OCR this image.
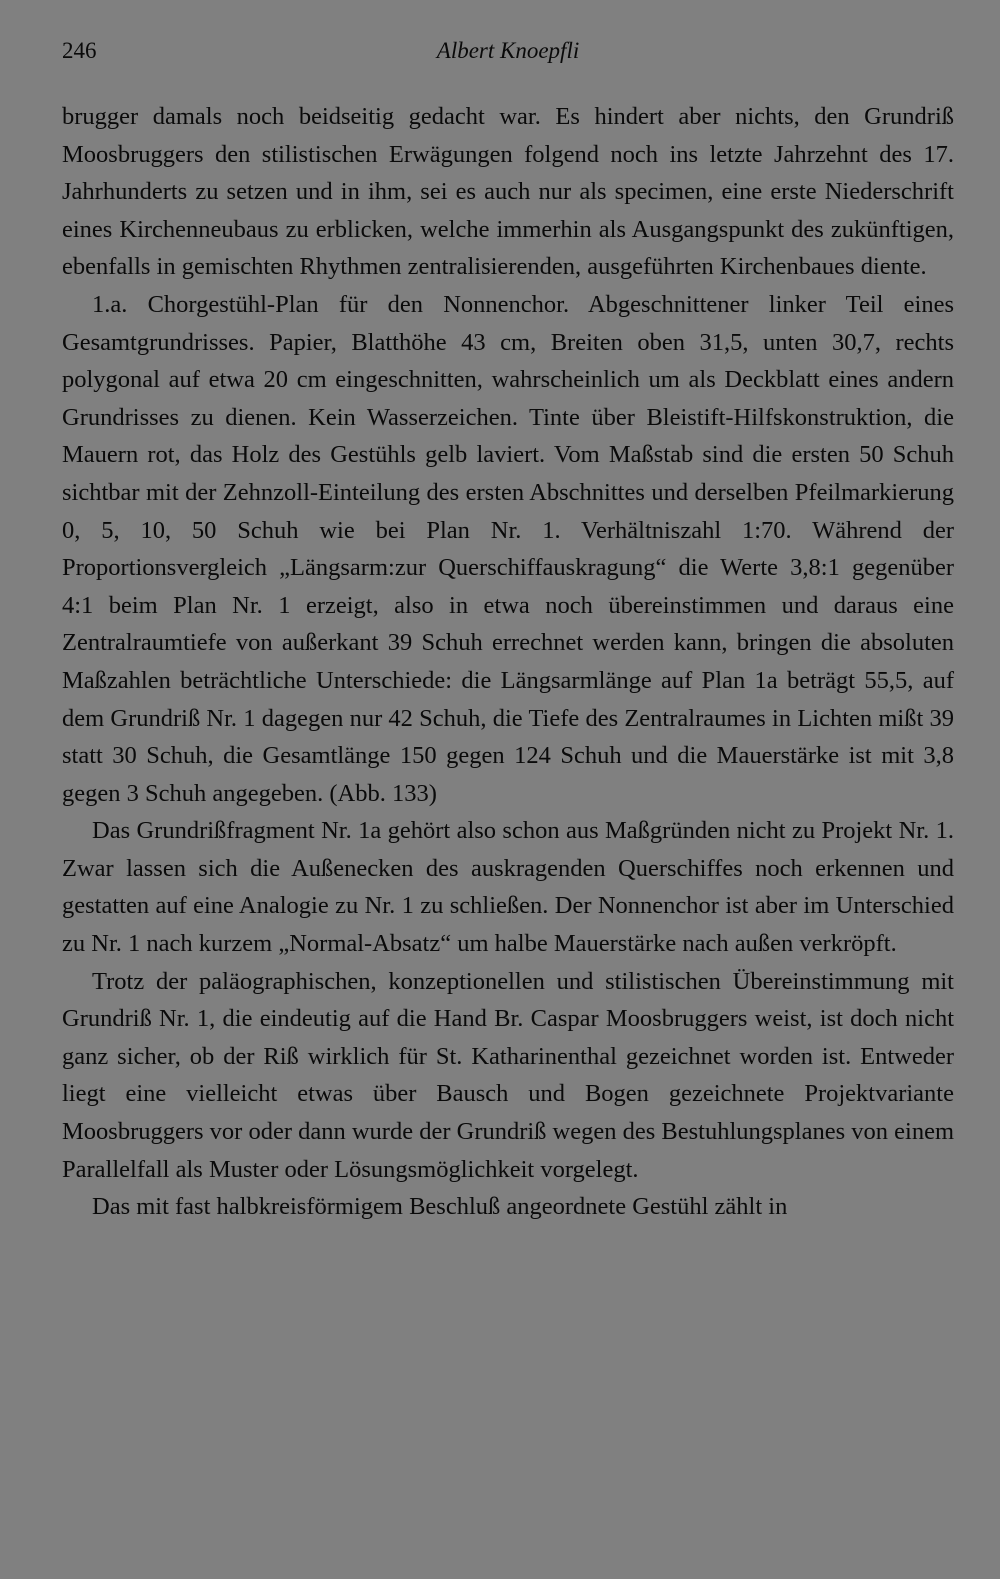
246	Albert Knoepfli

brugger damals noch beidseitig gedacht war. Es hindert aber nichts, den Grundriß Moosbruggers den stilistischen Erwägungen folgend noch ins letzte Jahrzehnt des 17. Jahrhunderts zu setzen und in ihm, sei es auch nur als specimen, eine erste Niederschrift eines Kirchenneubaus zu erblicken, welche immerhin als Ausgangspunkt des zukünftigen, ebenfalls in gemischten Rhythmen zentralisierenden, ausgeführten Kirchenbaues diente.

1.a. Chorgestühl-Plan für den Nonnenchor. Abgeschnittener linker Teil eines Gesamtgrundrisses. Papier, Blatthöhe 43 cm, Breiten oben 31,5, unten 30,7, rechts polygonal auf etwa 20 cm eingeschnitten, wahrscheinlich um als Deckblatt eines andern Grundrisses zu dienen. Kein Wasserzeichen. Tinte über Bleistift-Hilfskonstruktion, die Mauern rot, das Holz des Gestühls gelb laviert. Vom Maßstab sind die ersten 50 Schuh sichtbar mit der Zehnzoll-Einteilung des ersten Abschnittes und derselben Pfeilmarkierung 0, 5, 10, 50 Schuh wie bei Plan Nr. 1. Verhältniszahl 1:70. Während der Proportionsvergleich „Längsarm:zur Querschiffauskragung“ die Werte 3,8:1 gegenüber 4:1 beim Plan Nr. 1 erzeigt, also in etwa noch übereinstimmen und daraus eine Zentralraumtiefe von außerkant 39 Schuh errechnet werden kann, bringen die absoluten Maßzahlen beträchtliche Unterschiede: die Längsarmlänge auf Plan 1a beträgt 55,5, auf dem Grundriß Nr. 1 dagegen nur 42 Schuh, die Tiefe des Zentralraumes in Lichten mißt 39 statt 30 Schuh, die Gesamtlänge 150 gegen 124 Schuh und die Mauerstärke ist mit 3,8 gegen 3 Schuh angegeben. (Abb. 133)

Das Grundrißfragment Nr. 1a gehört also schon aus Maßgründen nicht zu Projekt Nr. 1. Zwar lassen sich die Außenecken des auskragenden Querschiffes noch erkennen und gestatten auf eine Analogie zu Nr. 1 zu schließen. Der Nonnenchor ist aber im Unterschied zu Nr. 1 nach kurzem „Normal-Absatz“ um halbe Mauerstärke nach außen verkröpft.

Trotz der paläographischen, konzeptionellen und stilistischen Übereinstimmung mit Grundriß Nr. 1, die eindeutig auf die Hand Br. Caspar Moosbruggers weist, ist doch nicht ganz sicher, ob der Riß wirklich für St. Katharinenthal gezeichnet worden ist. Entweder liegt eine vielleicht etwas über Bausch und Bogen gezeichnete Projektvariante Moosbruggers vor oder dann wurde der Grundriß wegen des Bestuhlungsplanes von einem Parallelfall als Muster oder Lösungsmöglichkeit vorgelegt.

Das mit fast halbkreisförmigem Beschluß angeordnete Gestühl zählt in
